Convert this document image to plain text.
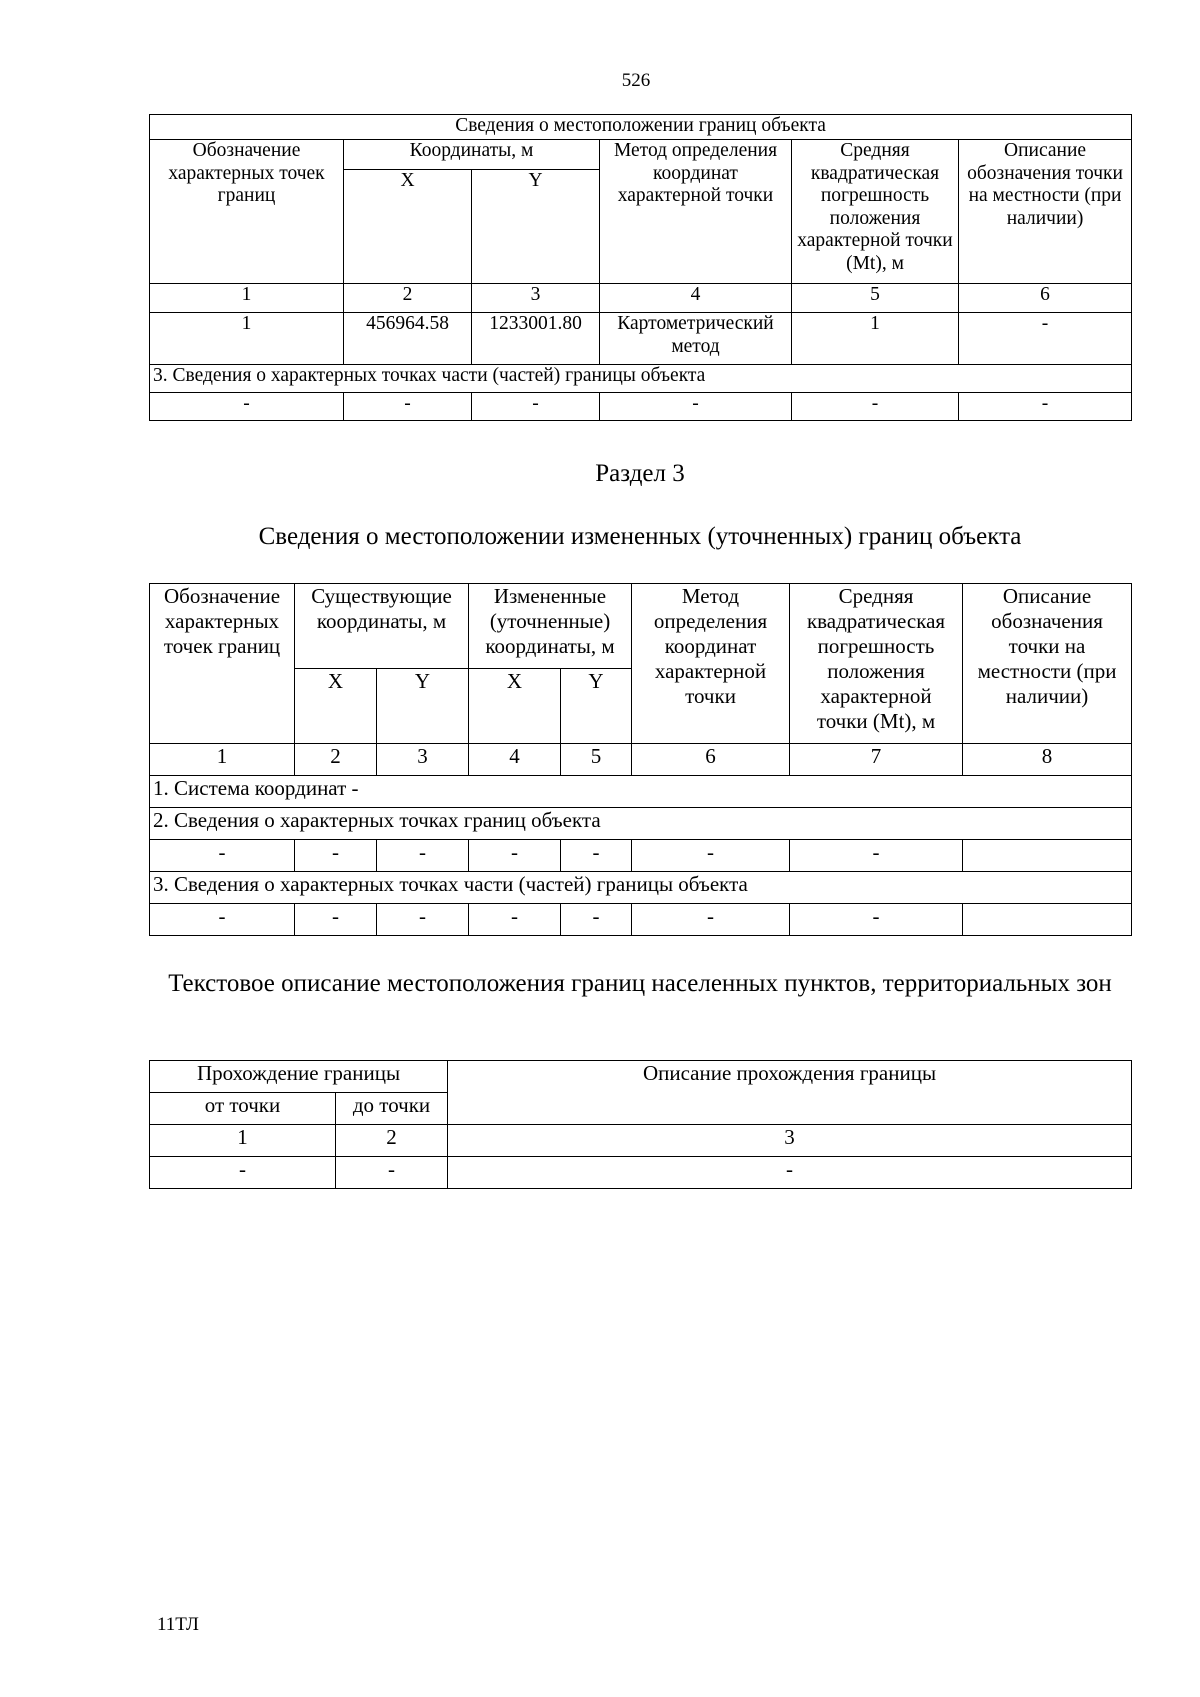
526
Сведения о местоположении границ объекта					
Обозначение характерных точек границ	Координаты, м		Метод определения координат характерной точки	Средняя квадратическая погрешность положения характерной точки (Mt), м	Описание обозначения точки на местности (при наличии)
	X	Y			
1	2	3	4	5	6
1	456964.58	1233001.80	Картометрический метод	1	-
3. Сведения о характерных точках части (частей) границы объекта					
-	-	-	-	-	-
Раздел 3
Сведения о местоположении измененных (уточненных) границ объекта
Обозначение характерных точек границ	Существующие координаты, м		Измененные (уточненные) координаты, м		Метод определения координат характерной точки	Средняя квадратическая погрешность положения характерной точки (Mt), м	Описание обозначения точки на местности (при наличии)
	X	Y	X	Y			
1	2	3	4	5	6	7	8
1. Система координат -							
2. Сведения о характерных точках границ объекта							
-	-	-	-	-	-	-	
3. Сведения о характерных точках части (частей) границы объекта							
-	-	-	-	-	-	-	
Текстовое описание местоположения границ населенных пунктов, территориальных зон
Прохождение границы		Описание прохождения границы
от точки	до точки	
1	2	3
-	-	-
11ТЛ
